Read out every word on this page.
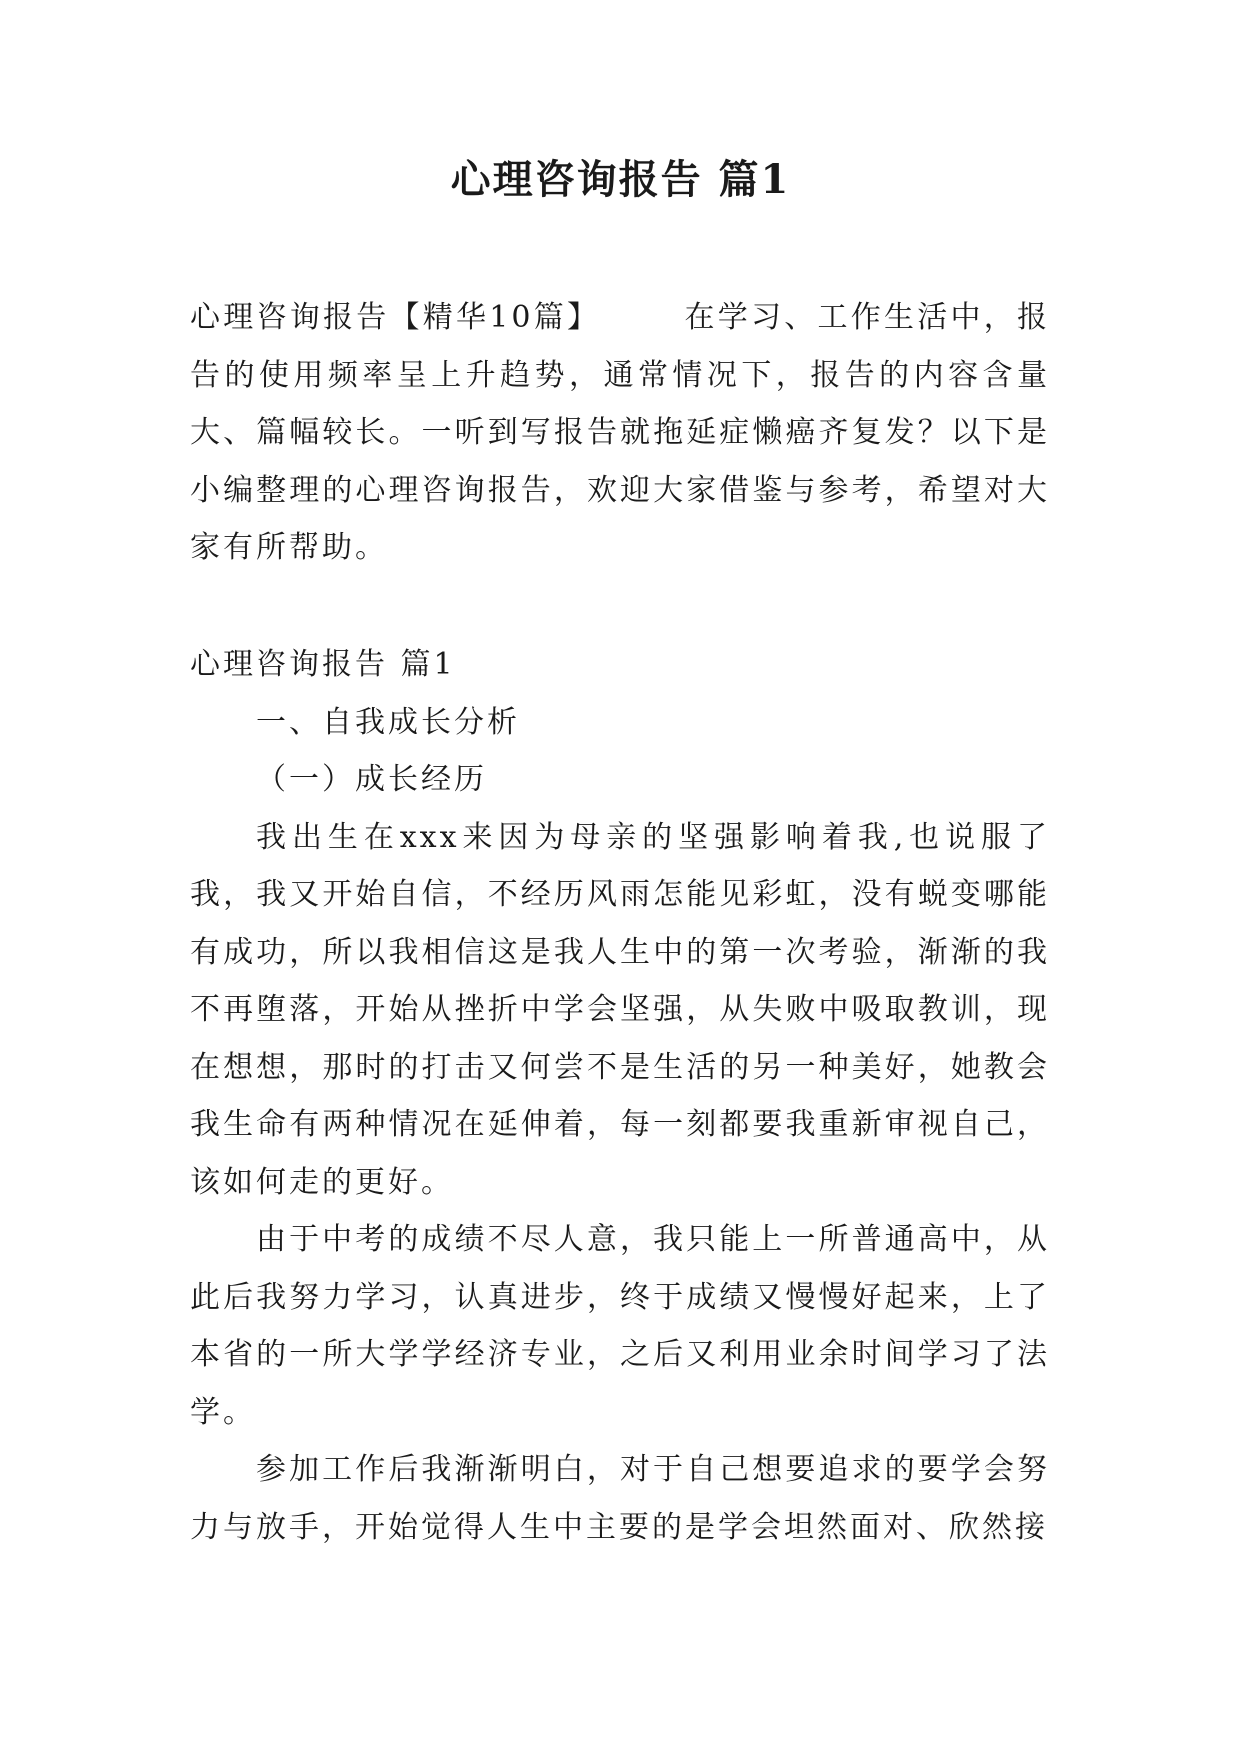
心理咨询报告 篇1
心理咨询报告【精华10篇】	在学习、工作生活中，报告的使用频率呈上升趋势，通常情况下，报告的内容含量大、篇幅较长。一听到写报告就拖延症懒癌齐复发？以下是小编整理的心理咨询报告，欢迎大家借鉴与参考，希望对大家有所帮助。

心理咨询报告 篇1

一、自我成长分析

（一）成长经历

我出生在xxx来因为母亲的坚强影响着我,也说服了我，我又开始自信，不经历风雨怎能见彩虹，没有蜕变哪能有成功，所以我相信这是我人生中的第一次考验，渐渐的我不再堕落，开始从挫折中学会坚强，从失败中吸取教训，现在想想，那时的打击又何尝不是生活的另一种美好，她教会我生命有两种情况在延伸着，每一刻都要我重新审视自己，该如何走的更好。

由于中考的成绩不尽人意，我只能上一所普通高中，从此后我努力学习，认真进步，终于成绩又慢慢好起来，上了本省的一所大学学经济专业，之后又利用业余时间学习了法学。

参加工作后我渐渐明白，对于自己想要追求的要学会努力与放手，开始觉得人生中主要的是学会坦然面对、欣然接
